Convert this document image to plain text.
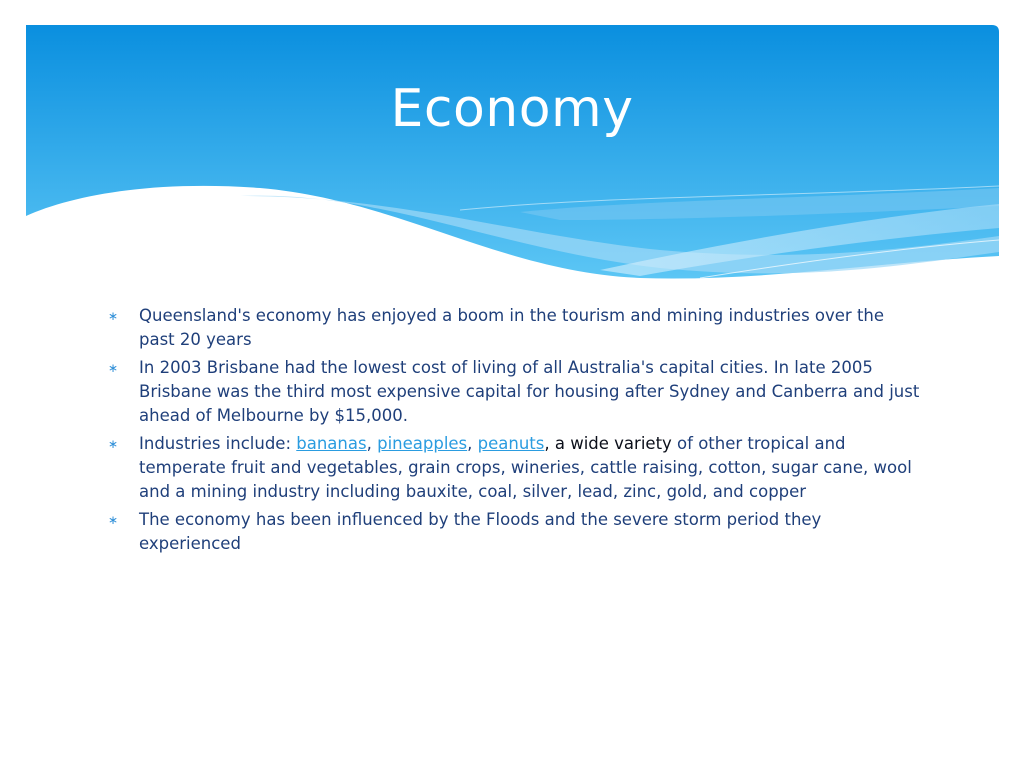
Economy
∗ Queensland's economy has enjoyed a boom in the tourism and mining industries over the past 20 years
∗ In 2003 Brisbane had the lowest cost of living of all Australia's capital cities. In late 2005 Brisbane was the third most expensive capital for housing after Sydney and Canberra and just ahead of Melbourne by $15,000.
∗ Industries include: bananas, pineapples, peanuts, a wide variety of other tropical and temperate fruit and vegetables, grain crops, wineries, cattle raising, cotton, sugar cane, wool and a mining industry including bauxite, coal, silver, lead, zinc, gold, and copper
∗ The economy has been influenced by the Floods and the severe storm period they experienced
